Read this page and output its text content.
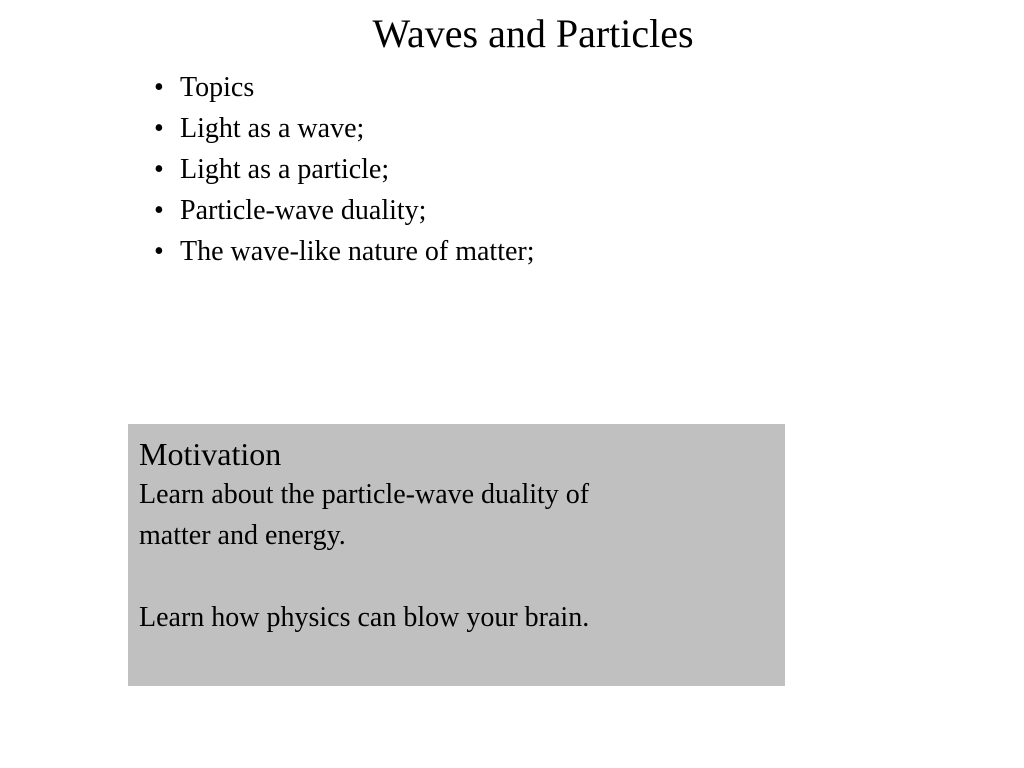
Waves and Particles
• Topics
• Light as a wave;
• Light as a particle;
• Particle-wave duality;
• The wave-like nature of matter;
Motivation
Learn about the particle-wave duality of
matter and energy.
Learn how physics can blow your brain.
